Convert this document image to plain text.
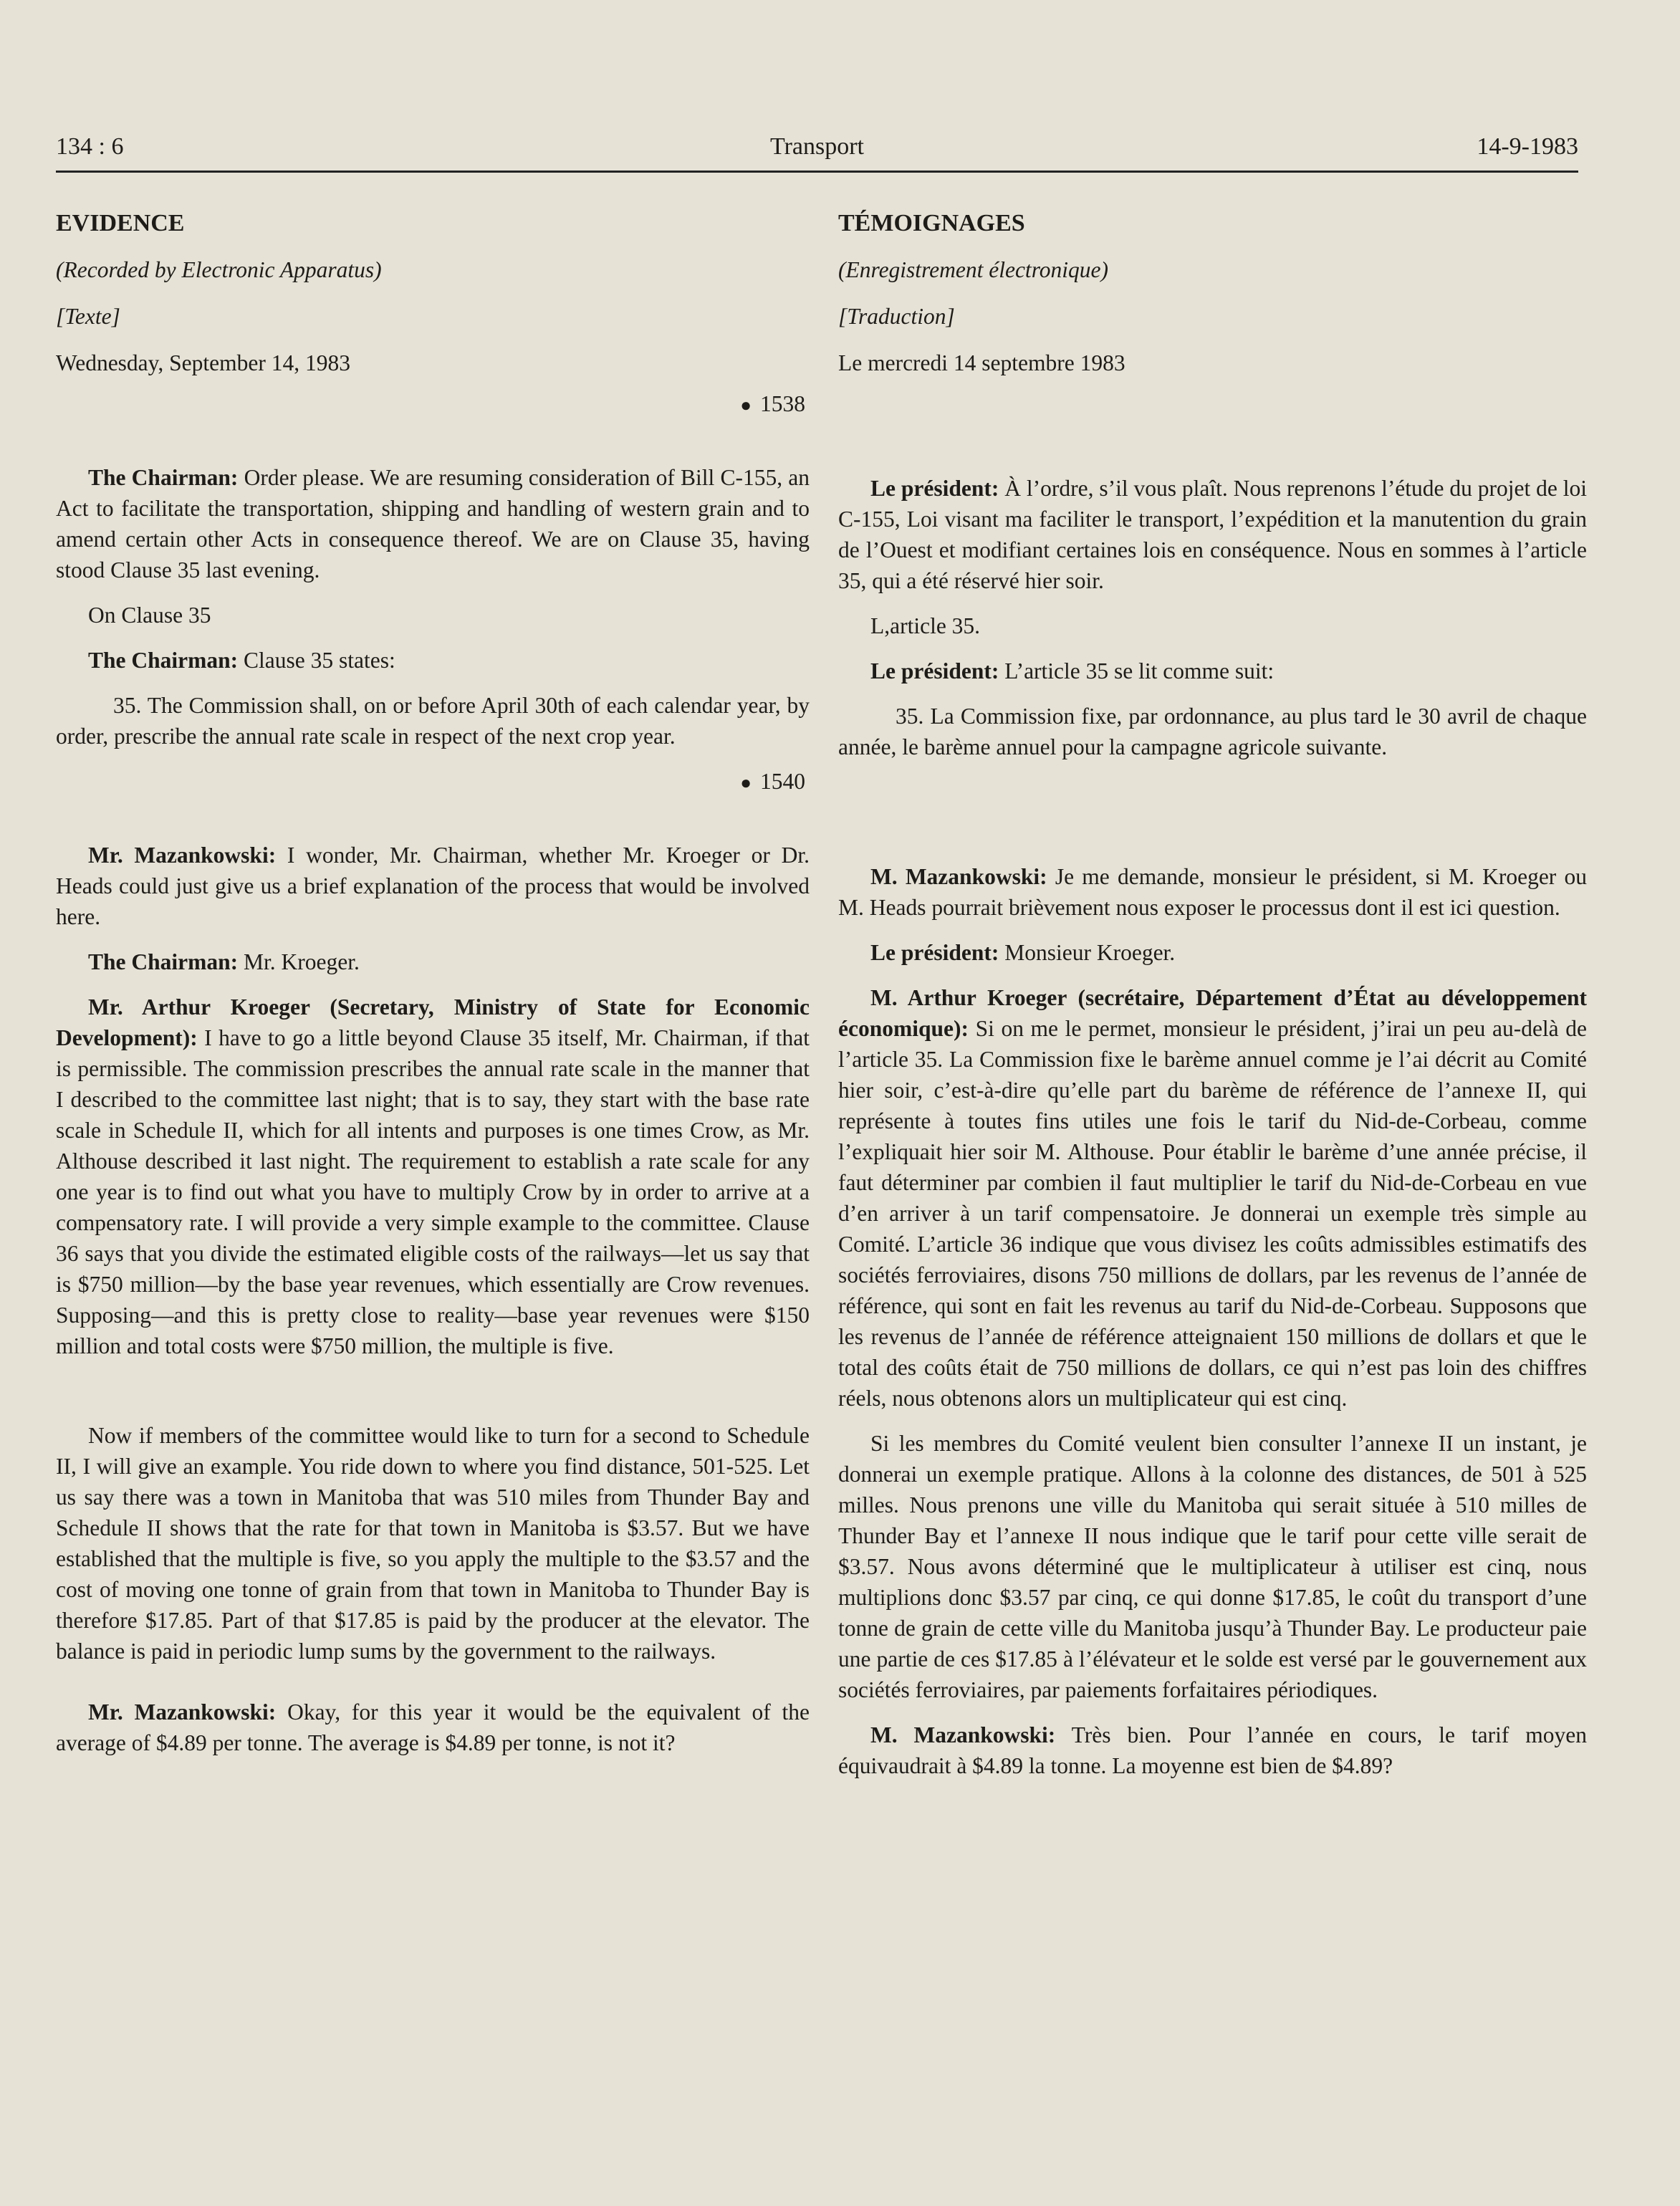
134 : 6	Transport	14-9-1983
EVIDENCE
(Recorded by Electronic Apparatus)
[Texte]
Wednesday, September 14, 1983
● 1538

The Chairman: Order please. We are resuming consideration of Bill C-155, an Act to facilitate the transportation, shipping and handling of western grain and to amend certain other Acts in consequence thereof. We are on Clause 35, having stood Clause 35 last evening.

On Clause 35

The Chairman: Clause 35 states:

35. The Commission shall, on or before April 30th of each calendar year, by order, prescribe the annual rate scale in respect of the next crop year.
● 1540

Mr. Mazankowski: I wonder, Mr. Chairman, whether Mr. Kroeger or Dr. Heads could just give us a brief explanation of the process that would be involved here.

The Chairman: Mr. Kroeger.

Mr. Arthur Kroeger (Secretary, Ministry of State for Economic Development): I have to go a little beyond Clause 35 itself, Mr. Chairman, if that is permissible. The commission prescribes the annual rate scale in the manner that I described to the committee last night; that is to say, they start with the base rate scale in Schedule II, which for all intents and purposes is one times Crow, as Mr. Althouse described it last night. The requirement to establish a rate scale for any one year is to find out what you have to multiply Crow by in order to arrive at a compensatory rate. I will provide a very simple example to the committee. Clause 36 says that you divide the estimated eligible costs of the railways—let us say that is $750 million—by the base year revenues, which essentially are Crow revenues. Supposing—and this is pretty close to reality—base year revenues were $150 million and total costs were $750 million, the multiple is five.

Now if members of the committee would like to turn for a second to Schedule II, I will give an example. You ride down to where you find distance, 501-525. Let us say there was a town in Manitoba that was 510 miles from Thunder Bay and Schedule II shows that the rate for that town in Manitoba is $3.57. But we have established that the multiple is five, so you apply the multiple to the $3.57 and the cost of moving one tonne of grain from that town in Manitoba to Thunder Bay is therefore $17.85. Part of that $17.85 is paid by the producer at the elevator. The balance is paid in periodic lump sums by the government to the railways.

Mr. Mazankowski: Okay, for this year it would be the equivalent of the average of $4.89 per tonne. The average is $4.89 per tonne, is not it?

TÉMOIGNAGES
(Enregistrement électronique)
[Traduction]
Le mercredi 14 septembre 1983

Le président: À l’ordre, s’il vous plaît. Nous reprenons l’étude du projet de loi C-155, Loi visant ma faciliter le transport, l’expédition et la manutention du grain de l’Ouest et modifiant certaines lois en conséquence. Nous en sommes à l’article 35, qui a été réservé hier soir.

L,article 35.

Le président: L’article 35 se lit comme suit:

35. La Commission fixe, par ordonnance, au plus tard le 30 avril de chaque année, le barème annuel pour la campagne agricole suivante.

M. Mazankowski: Je me demande, monsieur le président, si M. Kroeger ou M. Heads pourrait brièvement nous exposer le processus dont il est ici question.

Le président: Monsieur Kroeger.

M. Arthur Kroeger (secrétaire, Département d’État au développement économique): Si on me le permet, monsieur le président, j’irai un peu au-delà de l’article 35. La Commission fixe le barème annuel comme je l’ai décrit au Comité hier soir, c’est-à-dire qu’elle part du barème de référence de l’annexe II, qui représente à toutes fins utiles une fois le tarif du Nid-de-Corbeau, comme l’expliquait hier soir M. Althouse. Pour établir le barème d’une année précise, il faut déterminer par combien il faut multiplier le tarif du Nid-de-Corbeau en vue d’en arriver à un tarif compensatoire. Je donnerai un exemple très simple au Comité. L’article 36 indique que vous divisez les coûts admissibles estimatifs des sociétés ferroviaires, disons 750 millions de dollars, par les revenus de l’année de référence, qui sont en fait les revenus au tarif du Nid-de-Corbeau. Supposons que les revenus de l’année de référence atteignaient 150 millions de dollars et que le total des coûts était de 750 millions de dollars, ce qui n’est pas loin des chiffres réels, nous obtenons alors un multiplicateur qui est cinq.

Si les membres du Comité veulent bien consulter l’annexe II un instant, je donnerai un exemple pratique. Allons à la colonne des distances, de 501 à 525 milles. Nous prenons une ville du Manitoba qui serait située à 510 milles de Thunder Bay et l’annexe II nous indique que le tarif pour cette ville serait de $3.57. Nous avons déterminé que le multiplicateur à utiliser est cinq, nous multiplions donc $3.57 par cinq, ce qui donne $17.85, le coût du transport d’une tonne de grain de cette ville du Manitoba jusqu’à Thunder Bay. Le producteur paie une partie de ces $17.85 à l’élévateur et le solde est versé par le gouvernement aux sociétés ferroviaires, par paiements forfaitaires périodiques.

M. Mazankowski: Très bien. Pour l’année en cours, le tarif moyen équivaudrait à $4.89 la tonne. La moyenne est bien de $4.89?
